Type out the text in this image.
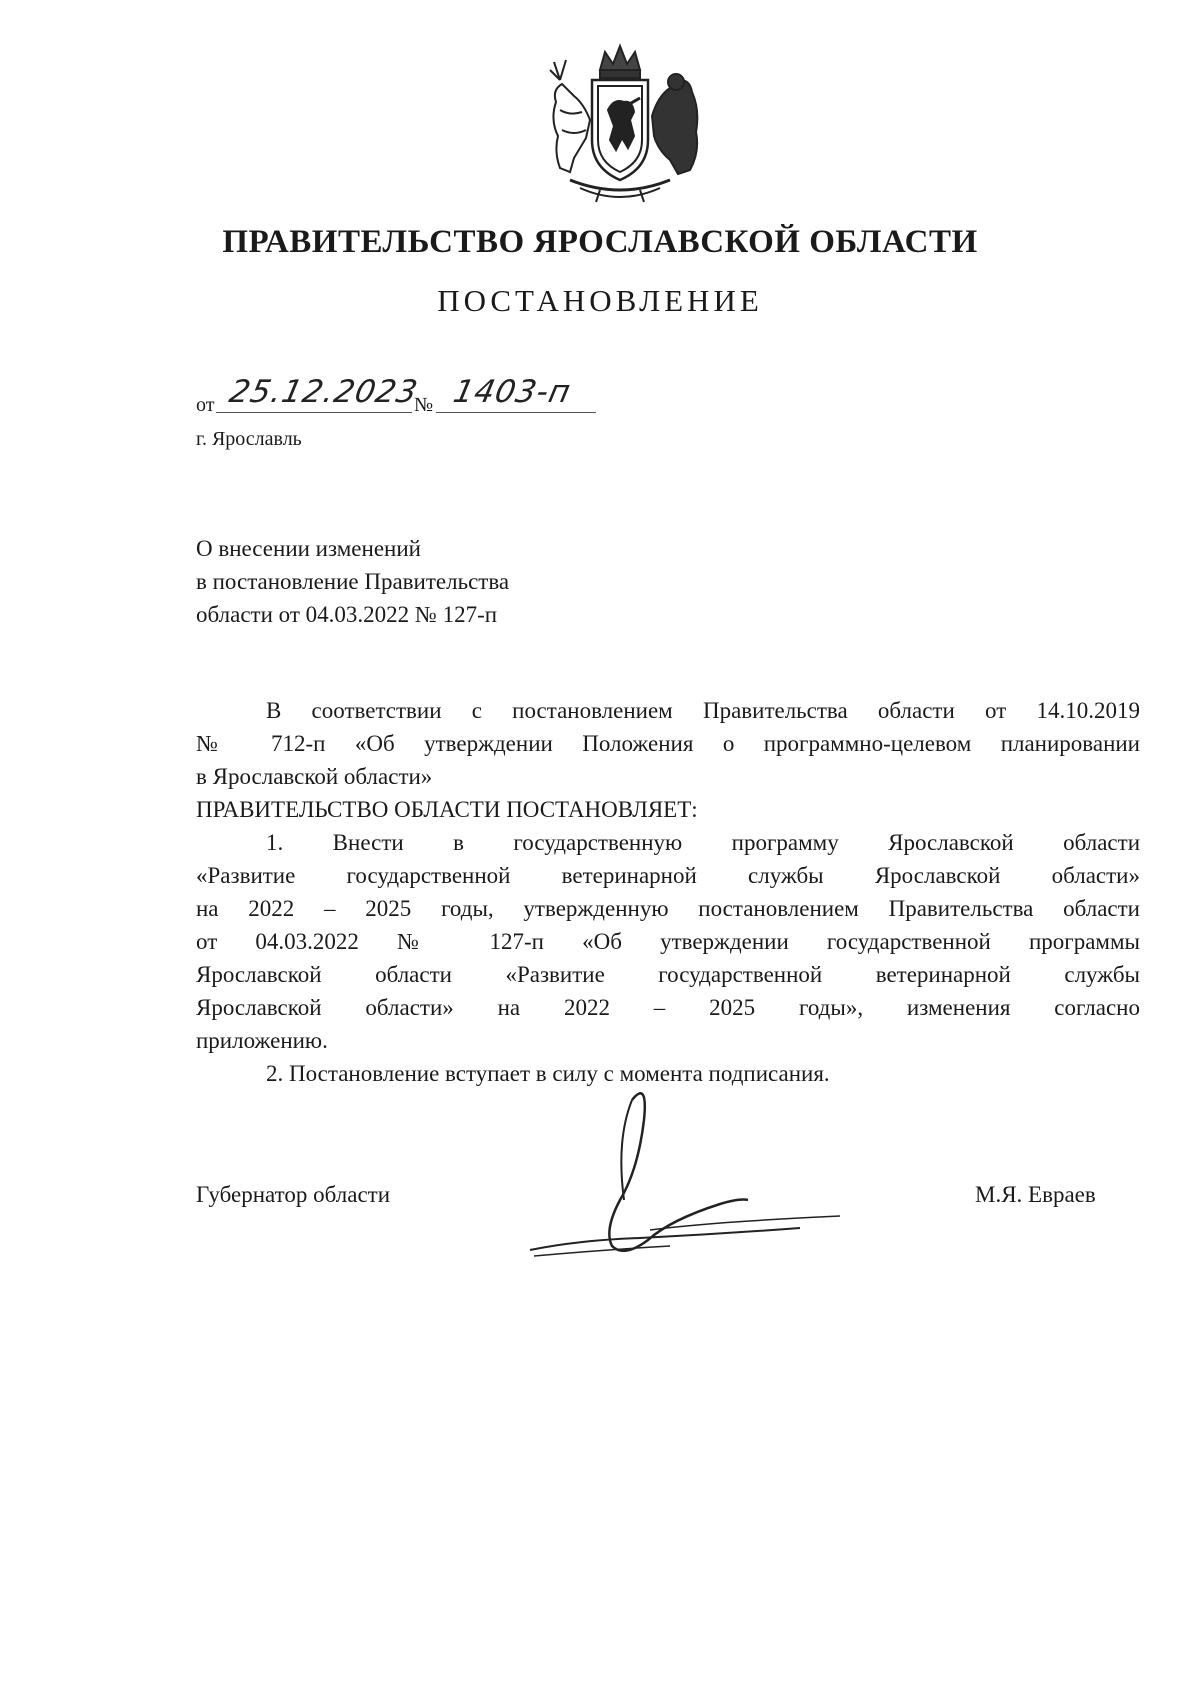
ПРАВИТЕЛЬСТВО ЯРОСЛАВСКОЙ ОБЛАСТИ
ПОСТАНОВЛЕНИЕ
от 25.12.2023
№ 1403-п
г. Ярославль
О внесении изменений
в постановление Правительства
области от 04.03.2022 № 127-п
В соответствии с постановлением Правительства области от 14.10.2019
№ 712-п «Об утверждении Положения о программно-целевом планировании
в Ярославской области»
ПРАВИТЕЛЬСТВО ОБЛАСТИ ПОСТАНОВЛЯЕТ:
1. Внести в государственную программу Ярославской области
«Развитие государственной ветеринарной службы Ярославской области»
на 2022 – 2025 годы, утвержденную постановлением Правительства области
от 04.03.2022 № 127-п «Об утверждении государственной программы
Ярославской области «Развитие государственной ветеринарной службы
Ярославской области» на 2022 – 2025 годы», изменения согласно
приложению.
2. Постановление вступает в силу с момента подписания.
Губернатор области	М.Я. Евраев
